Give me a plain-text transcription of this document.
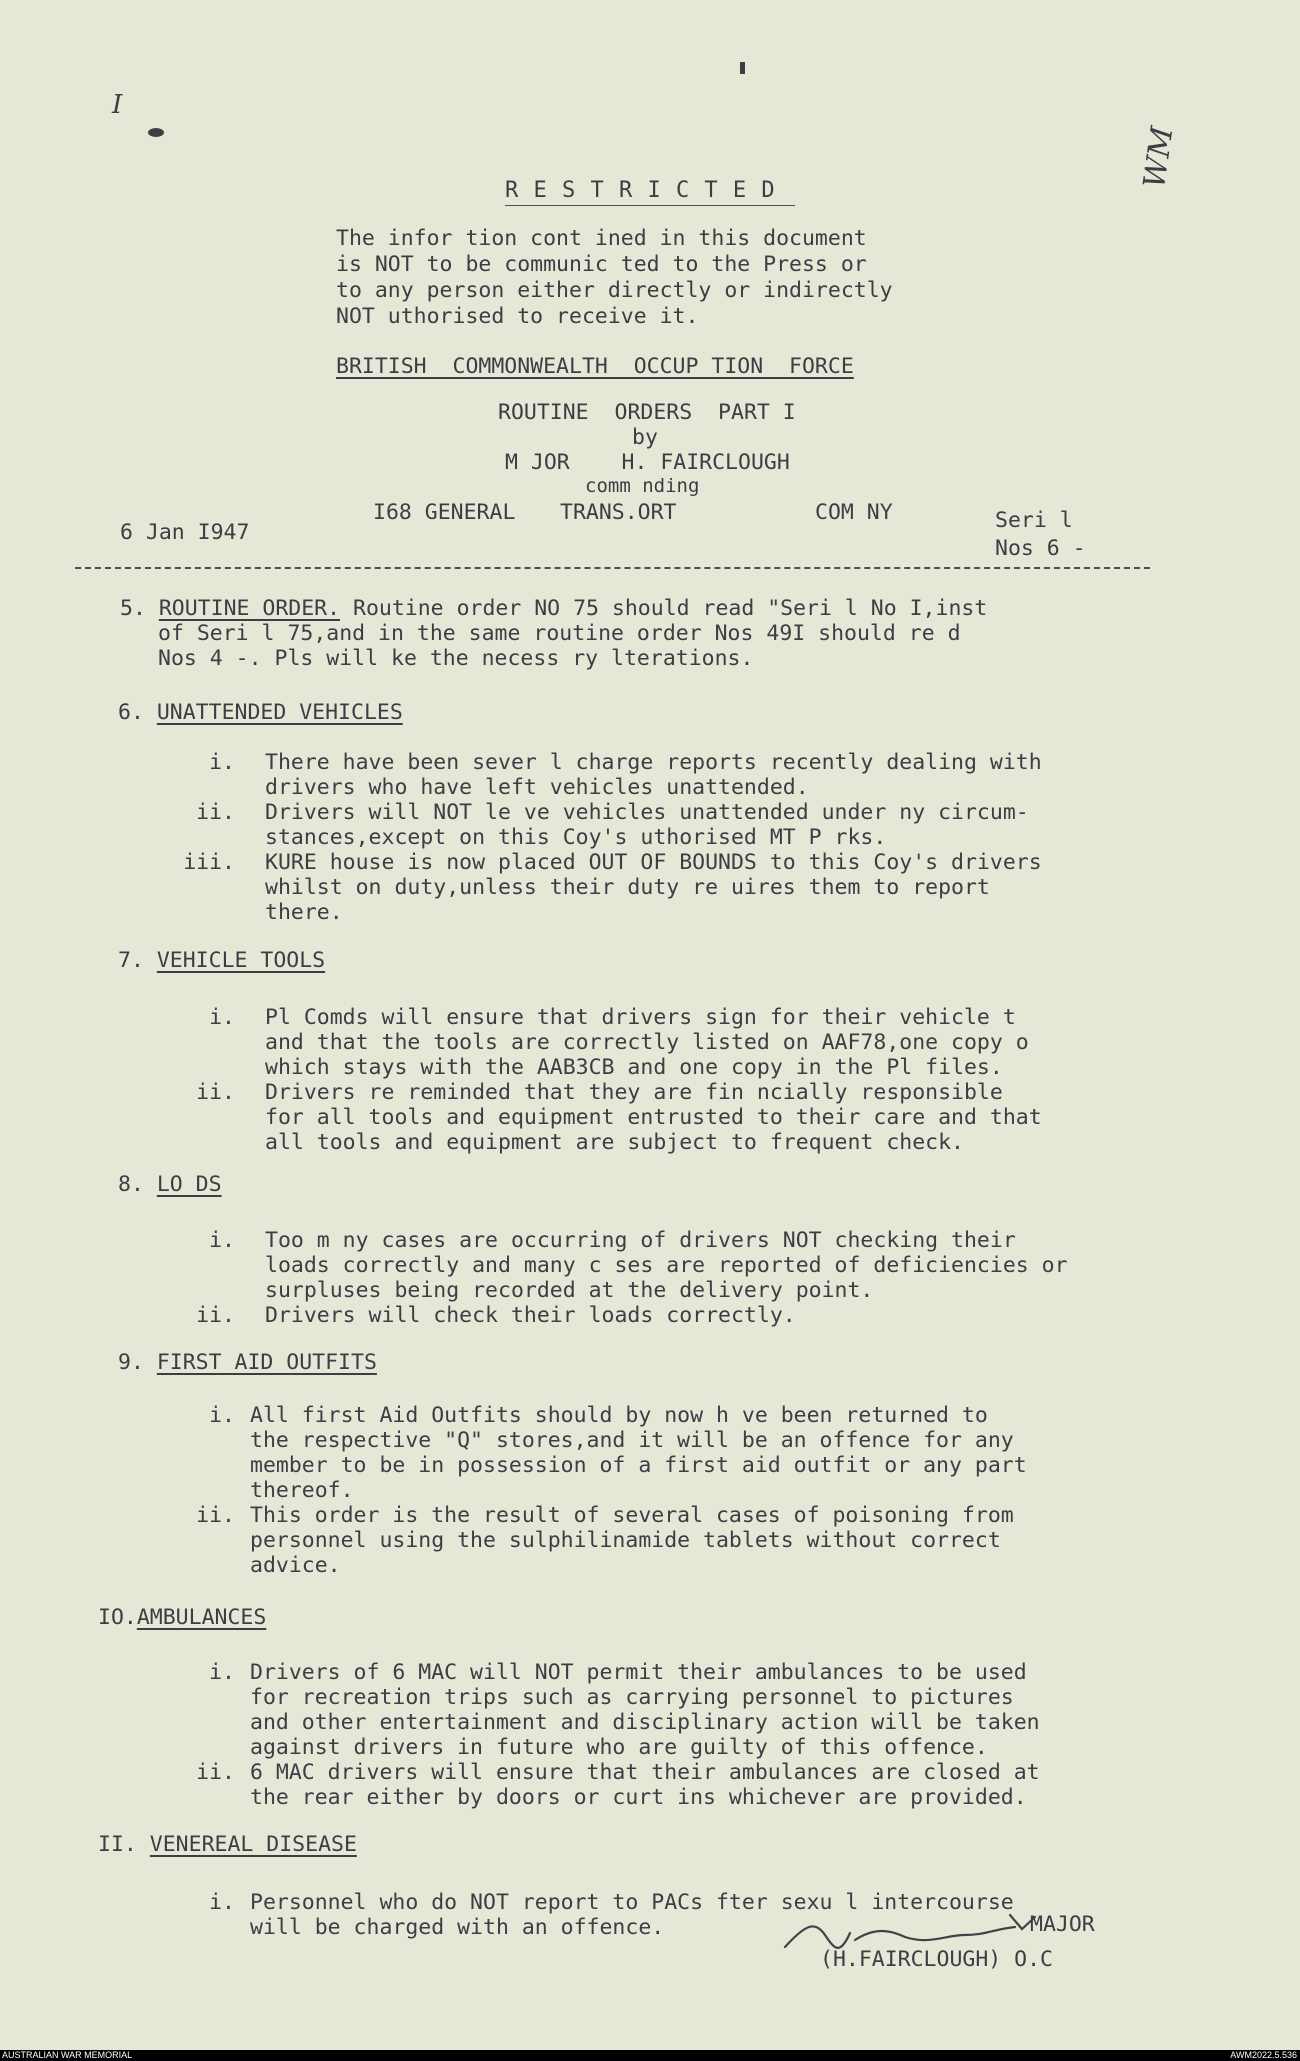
I
WM
R E S T R I C T E D
The infor tion cont ined in this document
is NOT to be communic ted to the Press or
to any person either directly or indirectly
NOT uthorised to receive it.
BRITISH  COMMONWEALTH  OCCUP TION  FORCE
ROUTINE  ORDERS  PART I
by
M JOR    H. FAIRCLOUGH
comm nding
I68 GENERAL TRANS.ORT	COM NY
6 Jan I947	Seri l
Nos 6 -
5. ROUTINE ORDER. Routine order NO 75 should read "Seri l No I,inst
of Seri l 75,and in the same routine order Nos 49I should re d
Nos 4 -. Pls will ke the necess ry lterations.
6. UNATTENDED VEHICLES
i. There have been sever l charge reports recently dealing with
drivers who have left vehicles unattended.
ii. Drivers will NOT le ve vehicles unattended under ny circum-
stances,except on this Coy's uthorised MT P rks.
iii. KURE house is now placed OUT OF BOUNDS to this Coy's drivers
whilst on duty,unless their duty re uires them to report
there.
7. VEHICLE TOOLS
i. Pl Comds will ensure that drivers sign for their vehicle t
and that the tools are correctly listed on AAF78,one copy o
which stays with the AAB3CB and one copy in the Pl files.
ii. Drivers re reminded that they are fin ncially responsible
for all tools and equipment entrusted to their care and that
all tools and equipment are subject to frequent check.
8. LO DS
i. Too m ny cases are occurring of drivers NOT checking their
loads correctly and many c ses are reported of deficiencies or
surpluses being recorded at the delivery point.
ii. Drivers will check their loads correctly.
9. FIRST AID OUTFITS
i. All first Aid Outfits should by now h ve been returned to
the respective "Q" stores,and it will be an offence for any
member to be in possession of a first aid outfit or any part
thereof.
ii. This order is the result of several cases of poisoning from
personnel using the sulphilinamide tablets without correct
advice.
IO.AMBULANCES
i. Drivers of 6 MAC will NOT permit their ambulances to be used
for recreation trips such as carrying personnel to pictures
and other entertainment and disciplinary action will be taken
against drivers in future who are guilty of this offence.
ii. 6 MAC drivers will ensure that their ambulances are closed at
the rear either by doors or curt ins whichever are provided.
II. VENEREAL DISEASE
i. Personnel who do NOT report to PACs fter sexu l intercourse
will be charged with an offence.	MAJOR
(H.FAIRCLOUGH) O.C
AUSTRALIAN WAR MEMORIAL	AWM2022.5.536
